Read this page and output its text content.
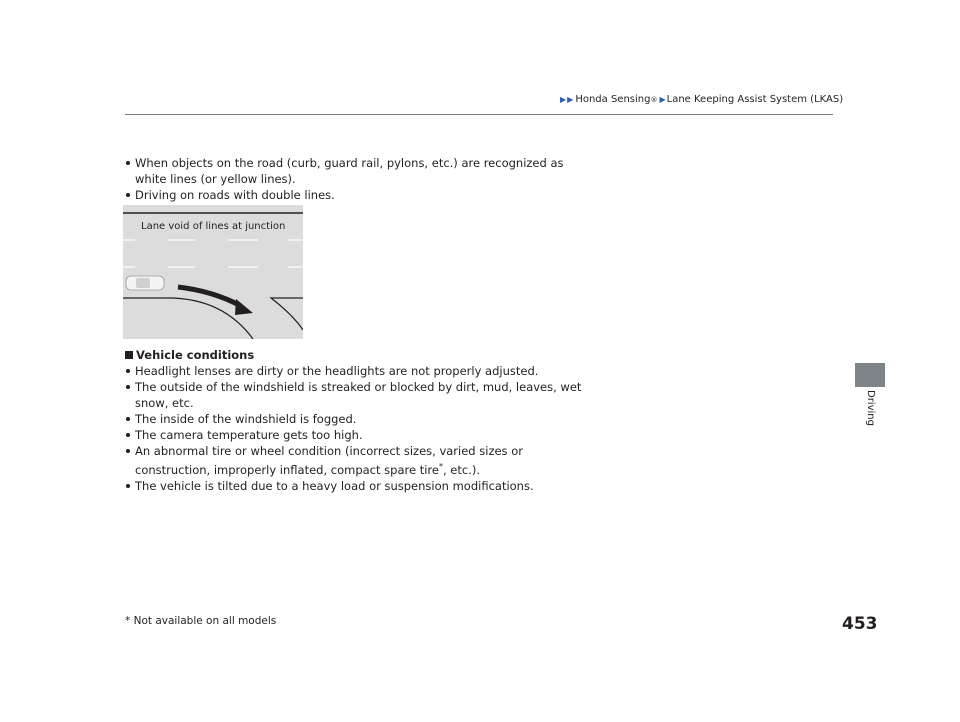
▶ ▶ Honda Sensing ® ▶ Lane Keeping Assist System (LKAS)
Driving
When objects on the road (curb, guard rail, pylons, etc.) are recognized as white lines (or yellow lines).
Driving on roads with double lines.
Lane void of lines at junction
Vehicle conditions
Headlight lenses are dirty or the headlights are not properly adjusted.
The outside of the windshield is streaked or blocked by dirt, mud, leaves, wet snow, etc.
The inside of the windshield is fogged.
The camera temperature gets too high.
An abnormal tire or wheel condition (incorrect sizes, varied sizes or construction, improperly inflated, compact spare tire*, etc.).
The vehicle is tilted due to a heavy load or suspension modifications.
453
* Not available on all models
